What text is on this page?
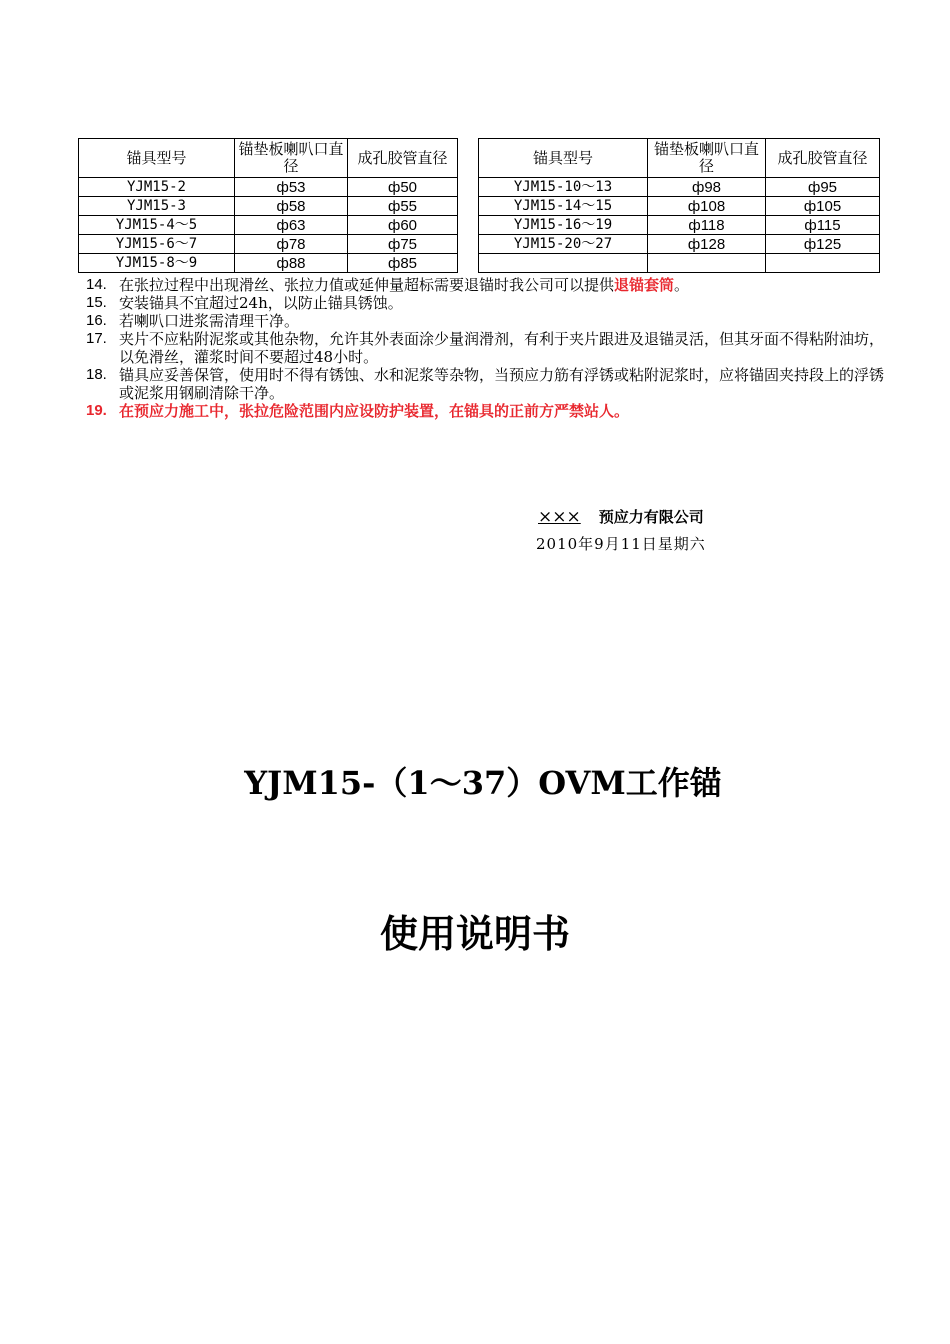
锚具型号	锚垫板喇叭口直径	成孔胶管直径
YJM15-2	ф53	ф50
YJM15-3	ф58	ф55
YJM15-4～5	ф63	ф60
YJM15-6～7	ф78	ф75
YJM15-8～9	ф88	ф85
锚具型号	锚垫板喇叭口直径	成孔胶管直径
YJM15-10～13	ф98	ф95
YJM15-14～15	ф108	ф105
YJM15-16～19	ф118	ф115
YJM15-20～27	ф128	ф125

14. 在张拉过程中出现滑丝、张拉力值或延伸量超标需要退锚时我公司可以提供退锚套筒。
15. 安装锚具不宜超过24h，以防止锚具锈蚀。
16. 若喇叭口进浆需清理干净。
17. 夹片不应粘附泥浆或其他杂物，允许其外表面涂少量润滑剂，有利于夹片跟进及退锚灵活，但其牙面不得粘附油坊，以免滑丝，灌浆时间不要超过48小时。
18. 锚具应妥善保管，使用时不得有锈蚀、水和泥浆等杂物，当预应力筋有浮锈或粘附泥浆时，应将锚固夹持段上的浮锈或泥浆用钢刷清除干净。
19. 在预应力施工中，张拉危险范围内应设防护装置，在锚具的正前方严禁站人。
××× 预应力有限公司
2010年9月11日星期六
YJM15-（1～37）OVM工作锚
使用说明书
